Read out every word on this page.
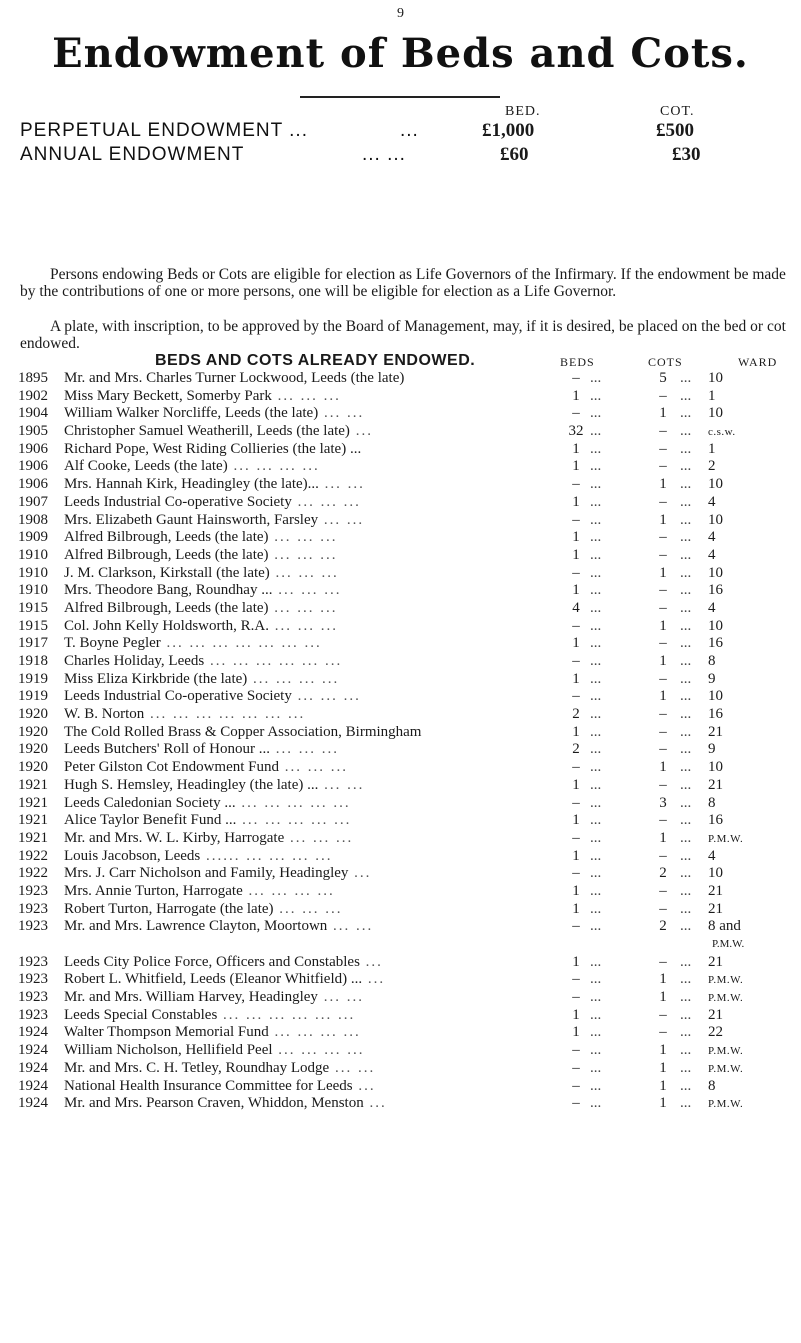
9
Endowment of Beds and Cots.
BED.	COT.
PERPETUAL ENDOWMENT ...	...	£1,000	£500
ANNUAL ENDOWMENT	... ...	£60	£30
Persons endowing Beds or Cots are eligible for election as Life Governors of the Infirmary. If the endowment be made by the contributions of one or more persons, one will be eligible for election as a Life Governor.
A plate, with inscription, to be approved by the Board of Management, may, if it is desired, be placed on the bed or cot endowed.
BEDS AND COTS ALREADY ENDOWED.	BEDS	COTS	WARD
1895	Mr. and Mrs. Charles Turner Lockwood, Leeds (the late)	– ...	5 ... 10
1902	Miss Mary Beckett, Somerby Park ... ... ...	1 ...	– ... 1
1904	William Walker Norcliffe, Leeds (the late) ... ...	– ...	1 ... 10
1905	Christopher Samuel Weatherill, Leeds (the late) ...	32 ...	– ... c.s.w.
1906	Richard Pope, West Riding Collieries (the late) ...	1 ...	– ... 1
1906	Alf Cooke, Leeds (the late) ... ... ... ...	1 ...	– ... 2
1906	Mrs. Hannah Kirk, Headingley (the late)... ... ...	– ...	1 ... 10
1907	Leeds Industrial Co-operative Society ... ... ...	1 ...	– ... 4
1908	Mrs. Elizabeth Gaunt Hainsworth, Farsley ... ...	– ...	1 ... 10
1909	Alfred Bilbrough, Leeds (the late) ... ... ...	1 ...	– ... 4
1910	Alfred Bilbrough, Leeds (the late) ... ... ...	1 ...	– ... 4
1910	J. M. Clarkson, Kirkstall (the late) ... ... ...	– ...	1 ... 10
1910	Mrs. Theodore Bang, Roundhay ... ... ... ...	1 ...	– ... 16
1915	Alfred Bilbrough, Leeds (the late) ... ... ...	4 ...	– ... 4
1915	Col. John Kelly Holdsworth, R.A. ... ... ...	– ...	1 ... 10
1917	T. Boyne Pegler ... ... ... ... ... ... ...	1 ...	– ... 16
1918	Charles Holiday, Leeds ... ... ... ... ... ...	– ...	1 ... 8
1919	Miss Eliza Kirkbride (the late) ... ... ... ...	1 ...	– ... 9
1919	Leeds Industrial Co-operative Society ... ... ...	– ...	1 ... 10
1920	W. B. Norton ... ... ... ... ... ... ...	2 ...	– ... 16
1920	The Cold Rolled Brass & Copper Association, Birmingham	1 ...	– ... 21
1920	Leeds Butchers' Roll of Honour ... ... ... ...	2 ...	– ... 9
1920	Peter Gilston Cot Endowment Fund ... ... ...	– ...	1 ... 10
1921	Hugh S. Hemsley, Headingley (the late) ... ... ...	1 ...	– ... 21
1921	Leeds Caledonian Society ... ... ... ... ... ...	– ...	3 ... 8
1921	Alice Taylor Benefit Fund ... ... ... ... ... ...	1 ...	– ... 16
1921	Mr. and Mrs. W. L. Kirby, Harrogate ... ... ...	– ...	1 ... P.M.W.
1922	Louis Jacobson, Leeds ...... ... ... ... ...	1 ...	– ... 4
1922	Mrs. J. Carr Nicholson and Family, Headingley ...	– ...	2 ... 10
1923	Mrs. Annie Turton, Harrogate ... ... ... ...	1 ...	– ... 21
1923	Robert Turton, Harrogate (the late) ... ... ...	1 ...	– ... 21
1923	Mr. and Mrs. Lawrence Clayton, Moortown ... ...	– ...	2 ... 8 and
P.M.W.
1923	Leeds City Police Force, Officers and Constables ...	1 ...	– ... 21
1923	Robert L. Whitfield, Leeds (Eleanor Whitfield) ... ...	– ...	1 ... P.M.W.
1923	Mr. and Mrs. William Harvey, Headingley ... ...	– ...	1 ... P.M.W.
1923	Leeds Special Constables ... ... ... ... ... ...	1 ...	– ... 21
1924	Walter Thompson Memorial Fund ... ... ... ...	1 ...	– ... 22
1924	William Nicholson, Hellifield Peel ... ... ... ...	– ...	1 ... P.M.W.
1924	Mr. and Mrs. C. H. Tetley, Roundhay Lodge ... ...	– ...	1 ... P.M.W.
1924	National Health Insurance Committee for Leeds ...	– ...	1 ... 8
1924	Mr. and Mrs. Pearson Craven, Whiddon, Menston ...	– ...	1 ... P.M.W.
